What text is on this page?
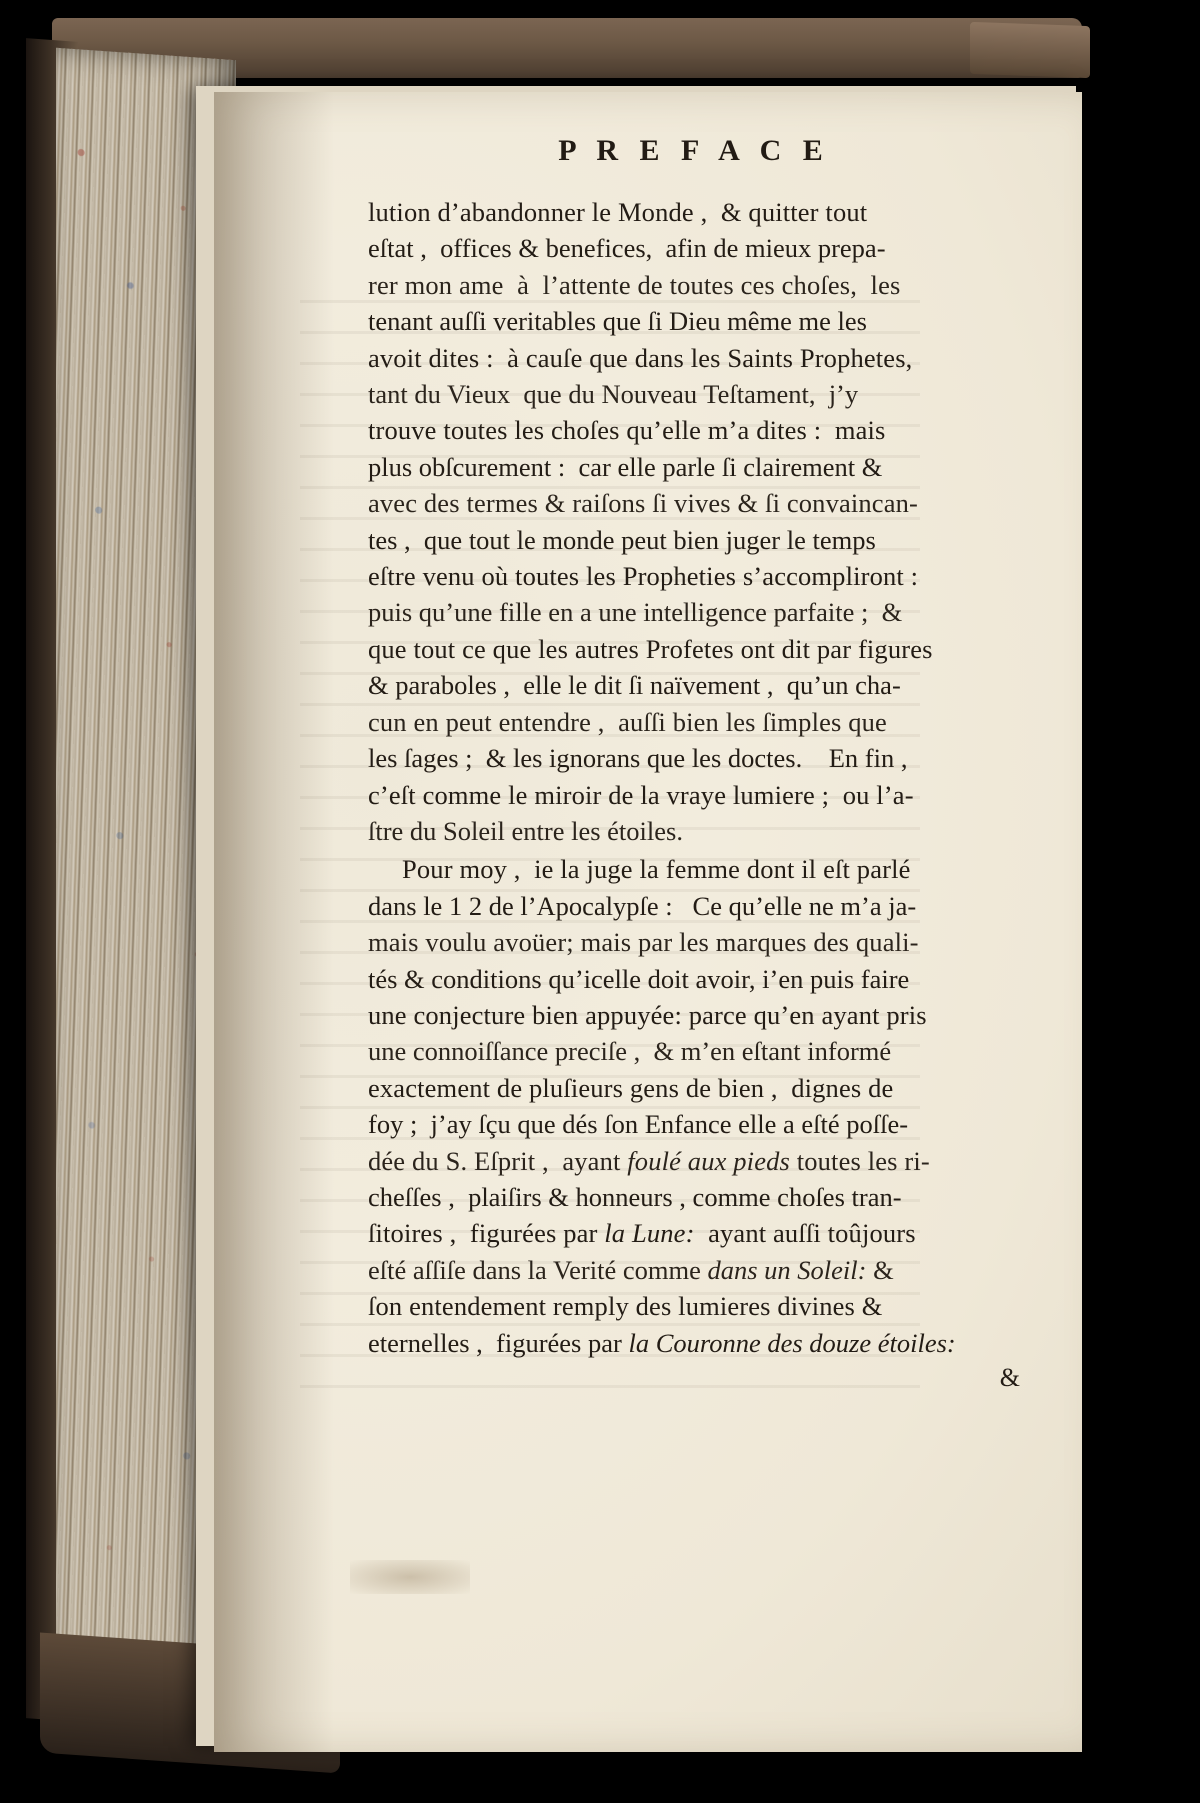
P R E F A C E
lution d’abandonner le Monde ,  & quitter tout
eſtat ,  offices & benefices,  afin de mieux prepa-
rer mon ame  à  l’attente de toutes ces choſes,  les
tenant auſſi veritables que ſi Dieu même me les
avoit dites :  à cauſe que dans les Saints Prophetes,
tant du Vieux  que du Nouveau Teſtament,  j’y
trouve toutes les choſes qu’elle m’a dites :  mais
plus obſcurement :  car elle parle ſi clairement &
avec des termes & raiſons ſi vives & ſi convaincan-
tes ,  que tout le monde peut bien juger le temps
eſtre venu où toutes les Propheties s’accompliront :
puis qu’une fille en a une intelligence parfaite ;  &
que tout ce que les autres Profetes ont dit par figures
& paraboles ,  elle le dit ſi naïvement ,  qu’un cha-
cun en peut entendre ,  auſſi bien les ſimples que
les ſages ;  & les ignorans que les doctes.    En fin ,
c’eſt comme le miroir de la vraye lumiere ;  ou l’a-
ſtre du Soleil entre les étoiles.
Pour moy ,  ie la juge la femme dont il eſt parlé
dans le 1 2 de l’Apocalypſe :   Ce qu’elle ne m’a ja-
mais voulu avoüer; mais par les marques des quali-
tés & conditions qu’icelle doit avoir, i’en puis faire
une conjecture bien appuyée: parce qu’en ayant pris
une connoiſſance preciſe ,  & m’en eſtant informé
exactement de pluſieurs gens de bien ,  dignes de
foy ;  j’ay ſçu que dés ſon Enfance elle a eſté poſſe-
dée du S. Eſprit ,  ayant foulé aux pieds toutes les ri-
cheſſes ,  plaiſirs & honneurs , comme choſes tran-
ſitoires ,  figurées par la Lune:  ayant auſſi toûjours
eſté aſſiſe dans la Verité comme dans un Soleil: &
ſon entendement remply des lumieres divines &
eternelles ,  figurées par la Couronne des douze étoiles:
&
